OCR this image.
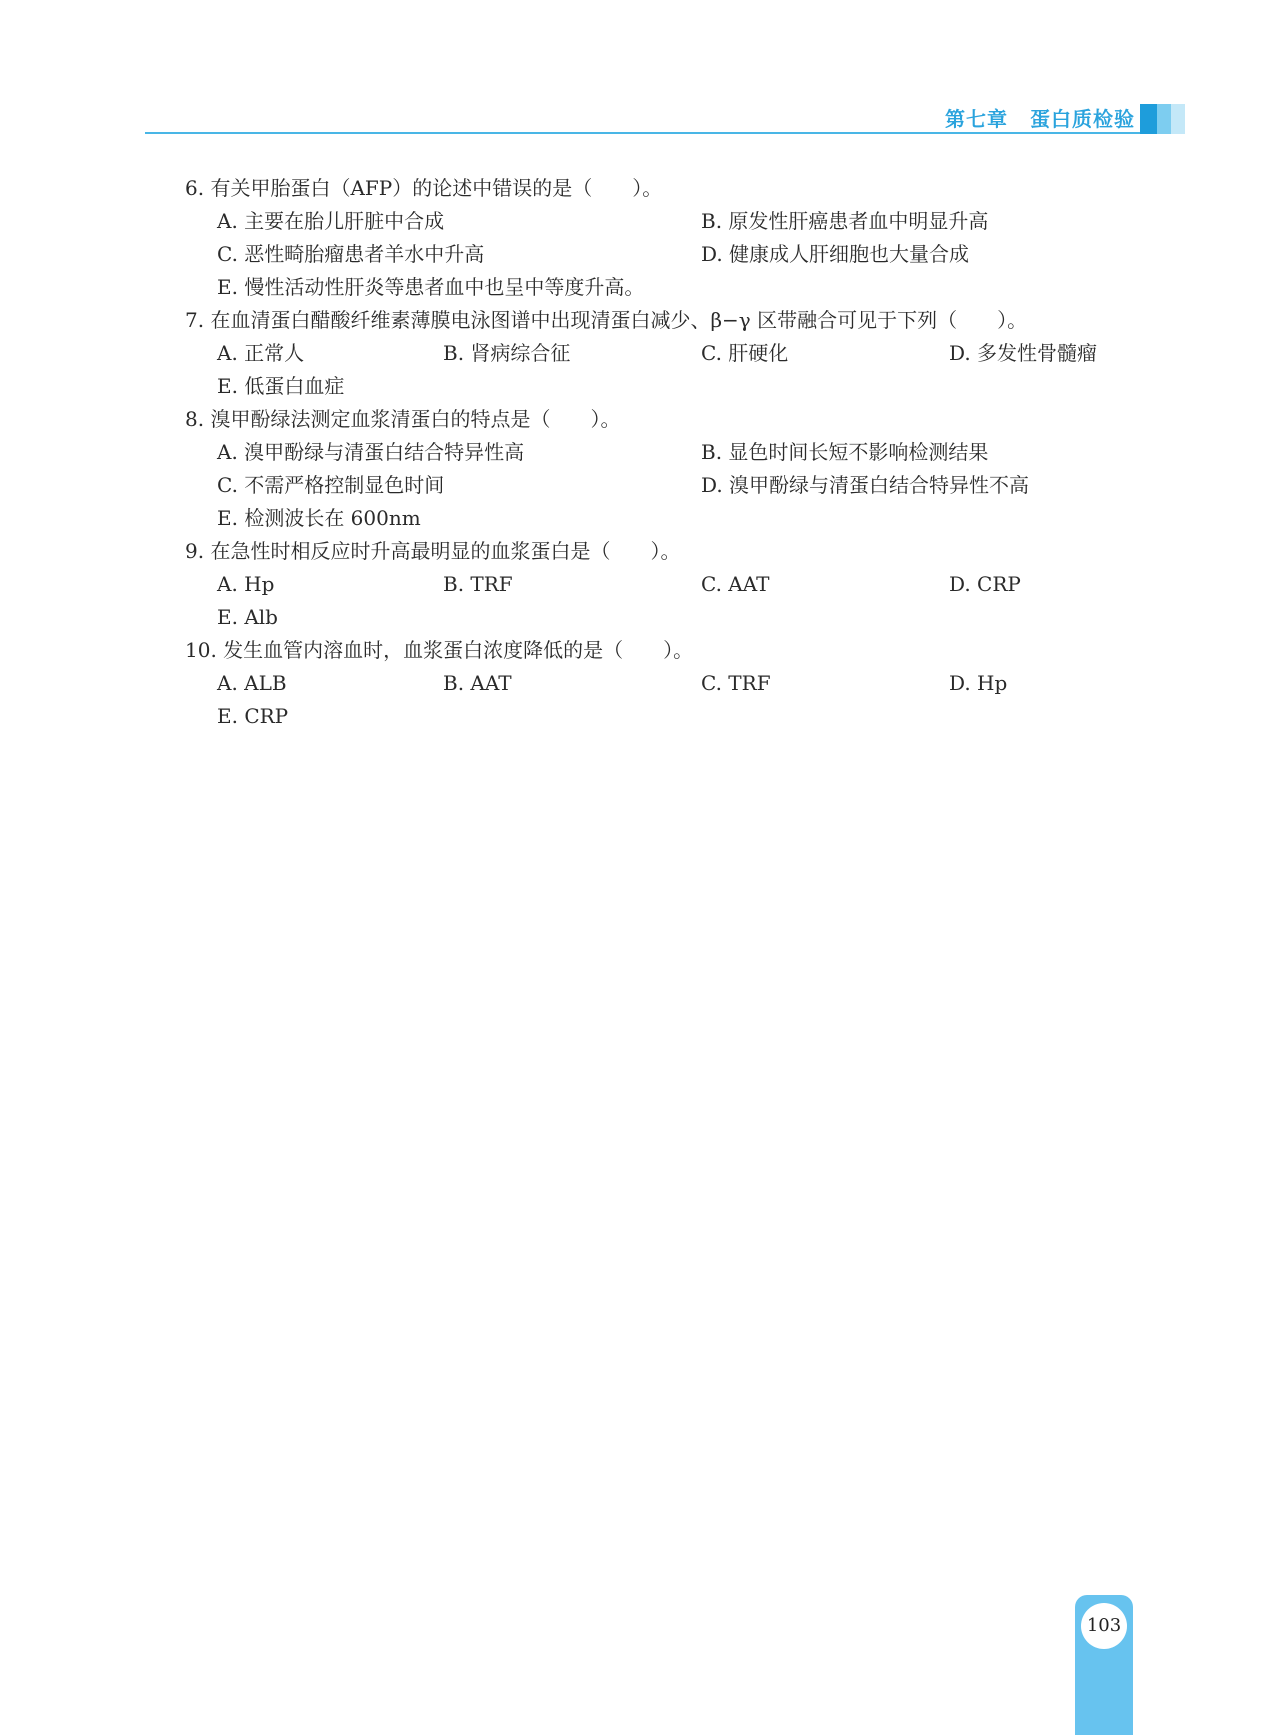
第七章 蛋白质检验
6. 有关甲胎蛋白（AFP）的论述中错误的是（　　）。
A. 主要在胎儿肝脏中合成	B. 原发性肝癌患者血中明显升高
C. 恶性畸胎瘤患者羊水中升高	D. 健康成人肝细胞也大量合成
E. 慢性活动性肝炎等患者血中也呈中等度升高。
7. 在血清蛋白醋酸纤维素薄膜电泳图谱中出现清蛋白减少、β−γ 区带融合可见于下列（　　）。
A. 正常人	B. 肾病综合征	C. 肝硬化	D. 多发性骨髓瘤
E. 低蛋白血症
8. 溴甲酚绿法测定血浆清蛋白的特点是（　　）。
A. 溴甲酚绿与清蛋白结合特异性高	B. 显色时间长短不影响检测结果
C. 不需严格控制显色时间	D. 溴甲酚绿与清蛋白结合特异性不高
E. 检测波长在 600nm
9. 在急性时相反应时升高最明显的血浆蛋白是（　　）。
A. Hp	B. TRF	C. AAT	D. CRP
E. Alb
10. 发生血管内溶血时，血浆蛋白浓度降低的是（　　）。
A. ALB	B. AAT	C. TRF	D. Hp
E. CRP
103
